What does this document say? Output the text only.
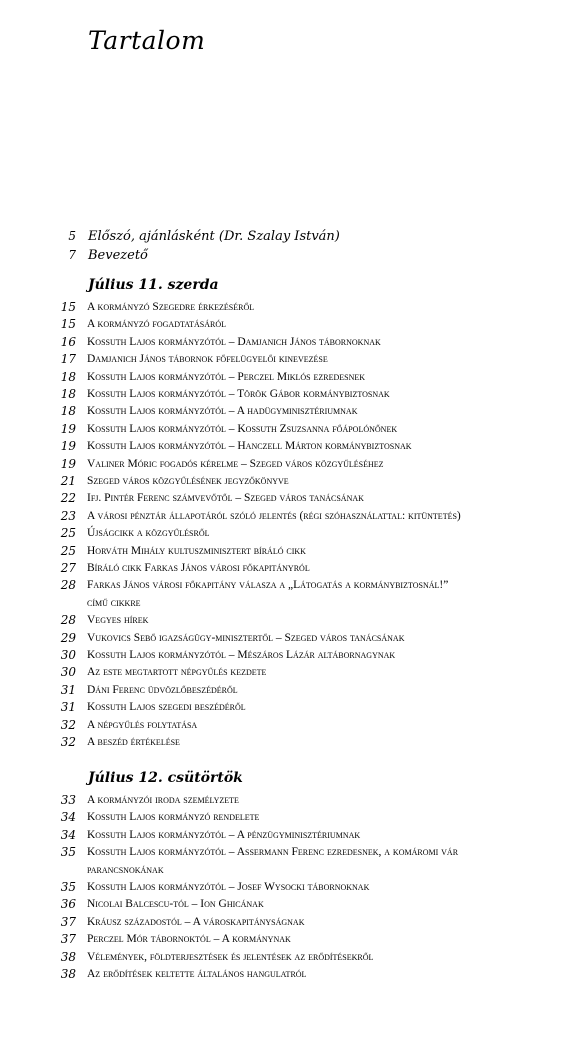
Tartalom
5 Előszó, ajánlásként (Dr. Szalay István)
7 Bevezető
Július 11. szerda
15 A kormányzó Szegedre érkezéséről
15 A kormányzó fogadtatásáról
16 Kossuth Lajos kormányzótól – Damjanich János tábornoknak
17 Damjanich János tábornok főfelügyelői kinevezése
18 Kossuth Lajos kormányzótól – Perczel Miklós ezredesnek
18 Kossuth Lajos kormányzótól – Török Gábor kormánybiztosnak
18 Kossuth Lajos kormányzótól – A hadügyminisztériumnak
19 Kossuth Lajos kormányzótól – Kossuth Zsuzsanna főápolónőnek
19 Kossuth Lajos kormányzótól – Hanczell Márton kormánybiztosnak
19 Valiner Móric fogadós kérelme – Szeged város közgyűléséhez
21 Szeged város közgyűlésének jegyzőkönyve
22 Ifj. Pintér Ferenc számvevőtől – Szeged város tanácsának
23 A városi pénztár állapotáról szóló jelentés (régi szóhasználattal: kitüntetés)
25 Újságcikk a közgyűlésről
25 Horváth Mihály kultuszminisztert bíráló cikk
27 Bíráló cikk Farkas János városi főkapitányról
28 Farkas János városi főkapitány válasza a „Látogatás a kormánybiztosnál!”
című cikkre
28 Vegyes hírek
29 Vukovics Sebő igazságügy-minisztertől – Szeged város tanácsának
30 Kossuth Lajos kormányzótól – Mészáros Lázár altábornagynak
30 Az este megtartott népgyűlés kezdete
31 Dáni Ferenc üdvözlőbeszédéről
31 Kossuth Lajos szegedi beszédéről
32 A népgyűlés folytatása
32 A beszéd értékelése
Július 12. csütörtök
33 A kormányzói iroda személyzete
34 Kossuth Lajos kormányzó rendelete
34 Kossuth Lajos kormányzótól – A pénzügyminisztériumnak
35 Kossuth Lajos kormányzótól – Assermann Ferenc ezredesnek, a komáromi vár
parancsnokának
35 Kossuth Lajos kormányzótól – Josef Wysocki tábornoknak
36 Nicolai Balcescu-tól – Ion Ghicának
37 Kráusz századostól – A városkapitányságnak
37 Perczel Mór tábornoktól – A kormánynak
38 Vélemények, földterjesztések és jelentések az erődítésekről
38 Az erődítések keltette általános hangulatról
